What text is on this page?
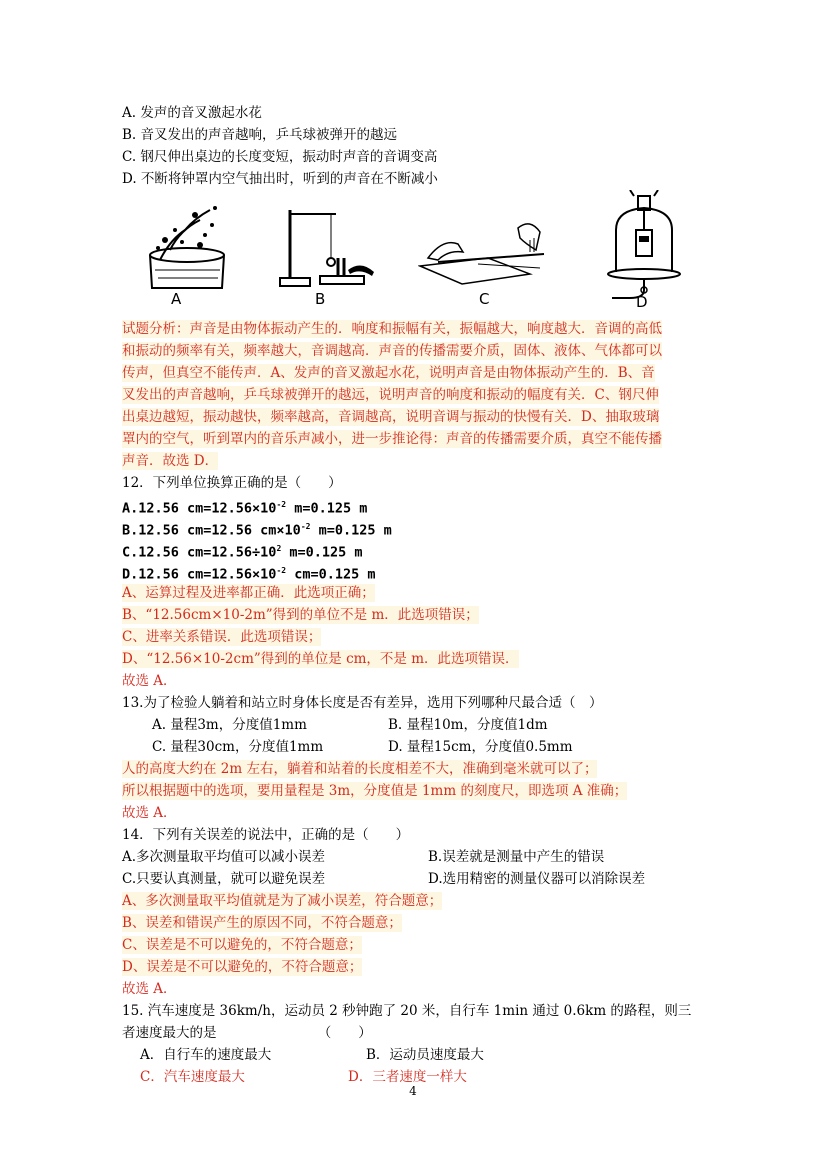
A. 发声的音叉激起水花
B. 音叉发出的声音越响，乒乓球被弹开的越远
C. 钢尺伸出桌边的长度变短，振动时声音的音调变高
D. 不断将钟罩内空气抽出时，听到的声音在不断减小
A	B	C	D
试题分析：声音是由物体振动产生的．响度和振幅有关，振幅越大，响度越大．音调的高低
和振动的频率有关，频率越大，音调越高．声音的传播需要介质，固体、液体、气体都可以
传声，但真空不能传声．A、发声的音叉激起水花，说明声音是由物体振动产生的．B、音
叉发出的声音越响，乒乓球被弹开的越远，说明声音的响度和振动的幅度有关．C、钢尺伸
出桌边越短，振动越快，频率越高，音调越高，说明音调与振动的快慢有关．D、抽取玻璃
罩内的空气，听到罩内的音乐声减小，进一步推论得：声音的传播需要介质，真空不能传播
声音．故选 D．
12．下列单位换算正确的是（　　）
A.12.56 $cm=12.56\times 10^{-2}$ m=0.125 m
B.12.56 cm=12.56 $cm\times 10^{-2}$ m=0.125 m
C.12.56 $cm=12.56\div 10^2$ m=0.125 m
D.12.56 $cm=12.56\times 10^{-2}$ cm=0.125 m
A、运算过程及进率都正确．此选项正确；
B、“12.56cm×10-2m”得到的单位不是 m．此选项错误；
C、进率关系错误．此选项错误；
D、“12.56×10-2cm”得到的单位是 cm，不是 m．此选项错误．
故选 A．
13.为了检验人躺着和站立时身体长度是否有差异，选用下列哪种尺最合适（　）
A. 量程3m，分度值1mm	B. 量程10m，分度值1dm
C. 量程30cm，分度值1mm	D. 量程15cm，分度值0.5mm
人的高度大约在 2m 左右，躺着和站着的长度相差不大，准确到毫米就可以了；
所以根据题中的选项，要用量程是 3m，分度值是 1mm 的刻度尺，即选项 A 准确；
故选 A．
14．下列有关误差的说法中，正确的是（　　）
A.多次测量取平均值可以减小误差	B.误差就是测量中产生的错误
C.只要认真测量，就可以避免误差	D.选用精密的测量仪器可以消除误差
A、多次测量取平均值就是为了减小误差，符合题意；
B、误差和错误产生的原因不同，不符合题意；
C、误差是不可以避免的，不符合题意；
D、误差是不可以避免的，不符合题意；
故选 A．
15. 汽车速度是 36km/h，运动员 2 秒钟跑了 20 米，自行车 1min 通过 0.6km 的路程，则三
者速度最大的是　　　　　　　　（　　）
A．自行车的速度最大	B．运动员速度最大
C．汽车速度最大	D．三者速度一样大
4
